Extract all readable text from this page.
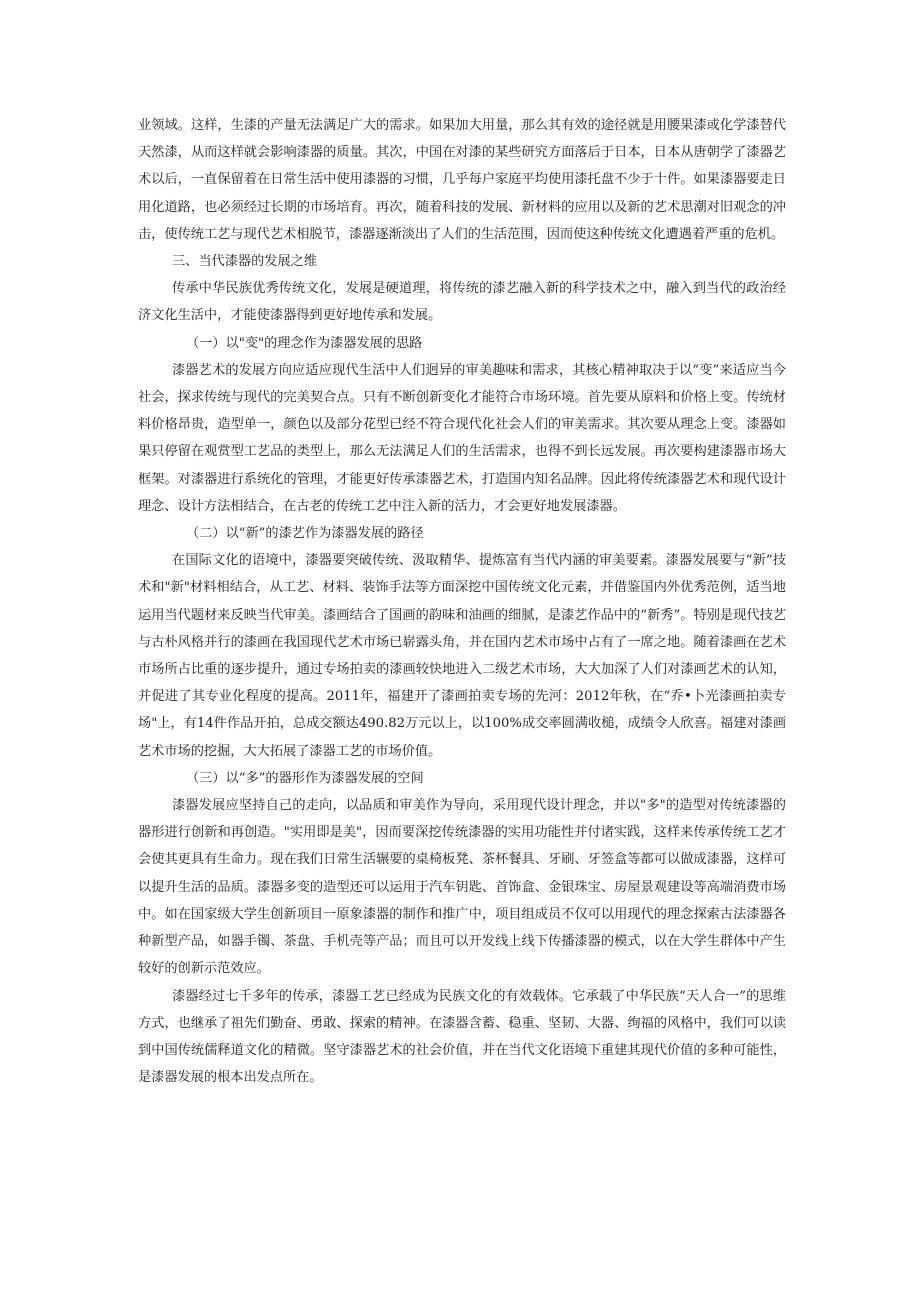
业领域。这样，生漆的产量无法满足广大的需求。如果加大用量，那么其有效的途径就是用腰果漆或化学漆替代天然漆，从而这样就会影响漆器的质量。其次，中国在对漆的某些研究方面落后于日本，日本从唐朝学了漆器艺术以后，一直保留着在日常生活中使用漆器的习惯，几乎每户家庭平均使用漆托盘不少于十件。如果漆器要走日用化道路，也必须经过长期的市场培育。再次，随着科技的发展、新材料的应用以及新的艺术思潮对旧观念的冲击，使传统工艺与现代艺术相脱节，漆器逐渐淡出了人们的生活范围，因而使这种传统文化遭遇着严重的危机。

三、当代漆器的发展之维

传承中华民族优秀传统文化，发展是硬道理，将传统的漆艺融入新的科学技术之中，融入到当代的政治经济文化生活中，才能使漆器得到更好地传承和发展。

（一）以"变"的理念作为漆器发展的思路

漆器艺术的发展方向应适应现代生活中人们迥异的审美趣味和需求，其核心精神取决于以“变”来适应当今社会，探求传统与现代的完美契合点。只有不断创新变化才能符合市场环境。首先要从原料和价格上变。传统材料价格昂贵，造型单一，颜色以及部分花型已经不符合现代化社会人们的审美需求。其次要从理念上变。漆器如果只停留在观赏型工艺品的类型上，那么无法满足人们的生活需求，也得不到长远发展。再次要构建漆器市场大框架。对漆器进行系统化的管理，才能更好传承漆器艺术，打造国内知名品牌。因此将传统漆器艺术和现代设计理念、设计方法相结合，在古老的传统工艺中注入新的活力，才会更好地发展漆器。

（二）以“新”的漆艺作为漆器发展的路径

在国际文化的语境中，漆器要突破传统、汲取精华、提炼富有当代内涵的审美要素。漆器发展要与“新”技术和"新"材料相结合，从工艺、材料、装饰手法等方面深挖中国传统文化元素，并借鉴国内外优秀范例，适当地运用当代题材来反映当代审美。漆画结合了国画的韵味和油画的细腻，是漆艺作品中的“新秀”。特别是现代技艺与古朴风格并行的漆画在我国现代艺术市场已崭露头角，并在国内艺术市场中占有了一席之地。随着漆画在艺术市场所占比重的逐步提升，通过专场拍卖的漆画较快地进入二级艺术市场，大大加深了人们对漆画艺术的认知，并促进了其专业化程度的提高。2011年，福建开了漆画拍卖专场的先河：2012年秋，在“乔•卜光漆画拍卖专场"上，有14件作品开拍，总成交额达490.82万元以上，以100%成交率圆满收槌，成绩令人欣喜。福建对漆画艺术市场的挖掘，大大拓展了漆器工艺的市场价值。

（三）以“多”的器形作为漆器发展的空间

漆器发展应坚持自己的走向，以品质和审美作为导向，采用现代设计理念，并以"多"的造型对传统漆器的器形进行创新和再创造。"实用即是美"，因而要深挖传统漆器的实用功能性并付诸实践，这样来传承传统工艺才会使其更具有生命力。现在我们日常生活辗要的桌椅板凳、茶杯餐具、牙刷、牙签盒等都可以做成漆器，这样可以提升生活的品质。漆器多变的造型还可以运用于汽车钥匙、首饰盒、金银珠宝、房屋景观建设等高端消费市场中。如在国家级大学生创新项目一原象漆器的制作和推广中，项目组成员不仅可以用现代的理念探索古法漆器各种新型产品，如器手镯、茶盘、手机壳等产品；而且可以开发线上线下传播漆器的模式，以在大学生群体中产生较好的创新示范效应。

漆器经过七千多年的传承，漆器工艺已经成为民族文化的有效载体。它承载了中华民族“天人合一”的思维方式，也继承了祖先们勤奋、勇敢、探索的精神。在漆器含蓄、稳重、坚韧、大器、绚福的风格中，我们可以读到中国传统儒释道文化的精微。坚守漆器艺术的社会价值，并在当代文化语境下重建其现代价值的多种可能性，是漆器发展的根本出发点所在。
